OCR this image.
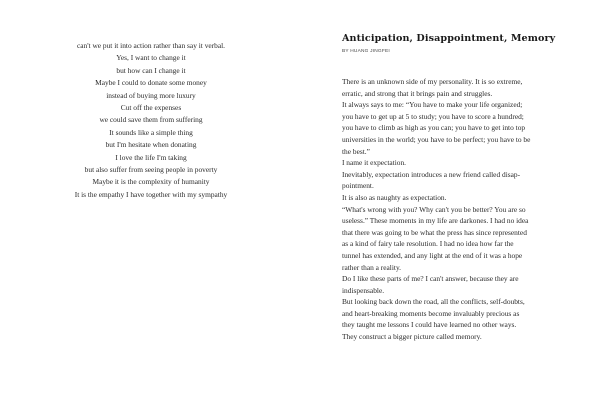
can't we put it into action rather than say it verbal.
Yes, I want to change it
but how can I change it
Maybe I could to donate some money
instead of buying more luxury
Cut off the expenses
we could save them from suffering
It sounds like a simple thing
but I'm hesitate when donating
I love the life I'm taking
but also suffer from seeing people in poverty
Maybe it is the complexity of humanity
It is the empathy I have together with my sympathy
Anticipation, Disappointment, Memory
BY HUANG JINGFEI
There is an unknown side of my personality. It is so extreme,
erratic, and strong that it brings pain and struggles.
It always says to me: “You have to make your life organized;
you have to get up at 5 to study; you have to score a hundred;
you have to climb as high as you can; you have to get into top
universities in the world; you have to be perfect; you have to be
the best.”
I name it expectation.
Inevitably, expectation introduces a new friend called disap-
pointment.
It is also as naughty as expectation.
“What's wrong with you? Why can't you be better? You are so
useless.” These moments in my life are darkones. I had no idea
that there was going to be what the press has since represented
as a kind of fairy tale resolution. I had no idea how far the
tunnel has extended, and any light at the end of it was a hope
rather than a reality.
Do I like these parts of me? I can't answer, because they are
indispensable.
But looking back down the road, all the conflicts, self-doubts,
and heart-breaking moments become invaluably precious as
they taught me lessons I could have learned no other ways.
They construct a bigger picture called memory.
